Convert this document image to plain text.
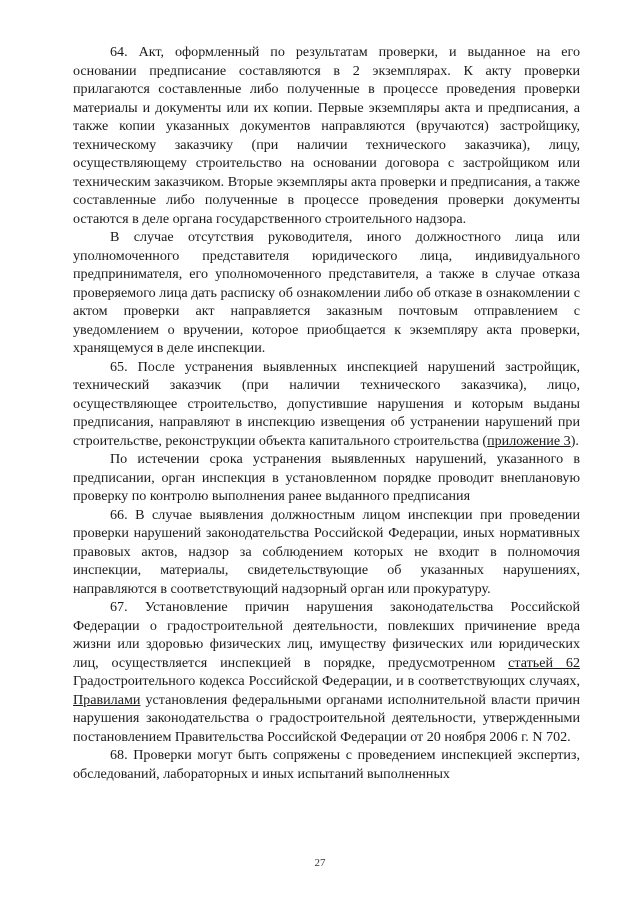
64. Акт, оформленный по результатам проверки, и выданное на его основании предписание составляются в 2 экземплярах. К акту проверки прилагаются составленные либо полученные в процессе проведения проверки материалы и документы или их копии. Первые экземпляры акта и предписания, а также копии указанных документов направляются (вручаются) застройщику, техническому заказчику (при наличии технического заказчика), лицу, осуществляющему строительство на основании договора с застройщиком или техническим заказчиком. Вторые экземпляры акта проверки и предписания, а также составленные либо полученные в процессе проведения проверки документы остаются в деле органа государственного строительного надзора.

В случае отсутствия руководителя, иного должностного лица или уполномоченного представителя юридического лица, индивидуального предпринимателя, его уполномоченного представителя, а также в случае отказа проверяемого лица дать расписку об ознакомлении либо об отказе в ознакомлении с актом проверки акт направляется заказным почтовым отправлением с уведомлением о вручении, которое приобщается к экземпляру акта проверки, хранящемуся в деле инспекции.

65. После устранения выявленных инспекцией нарушений застройщик, технический заказчик (при наличии технического заказчика), лицо, осуществляющее строительство, допустившие нарушения и которым выданы предписания, направляют в инспекцию извещения об устранении нарушений при строительстве, реконструкции объекта капитального строительства (приложение 3).

По истечении срока устранения выявленных нарушений, указанного в предписании, орган инспекция в установленном порядке проводит внеплановую проверку по контролю выполнения ранее выданного предписания

66. В случае выявления должностным лицом инспекции при проведении проверки нарушений законодательства Российской Федерации, иных нормативных правовых актов, надзор за соблюдением которых не входит в полномочия инспекции, материалы, свидетельствующие об указанных нарушениях, направляются в соответствующий надзорный орган или прокуратуру.

67. Установление причин нарушения законодательства Российской Федерации о градостроительной деятельности, повлекших причинение вреда жизни или здоровью физических лиц, имуществу физических или юридических лиц, осуществляется инспекцией в порядке, предусмотренном статьей 62 Градостроительного кодекса Российской Федерации, и в соответствующих случаях, Правилами установления федеральными органами исполнительной власти причин нарушения законодательства о градостроительной деятельности, утвержденными постановлением Правительства Российской Федерации от 20 ноября 2006 г. N 702.

68. Проверки могут быть сопряжены с проведением инспекцией экспертиз, обследований, лабораторных и иных испытаний выполненных

27
